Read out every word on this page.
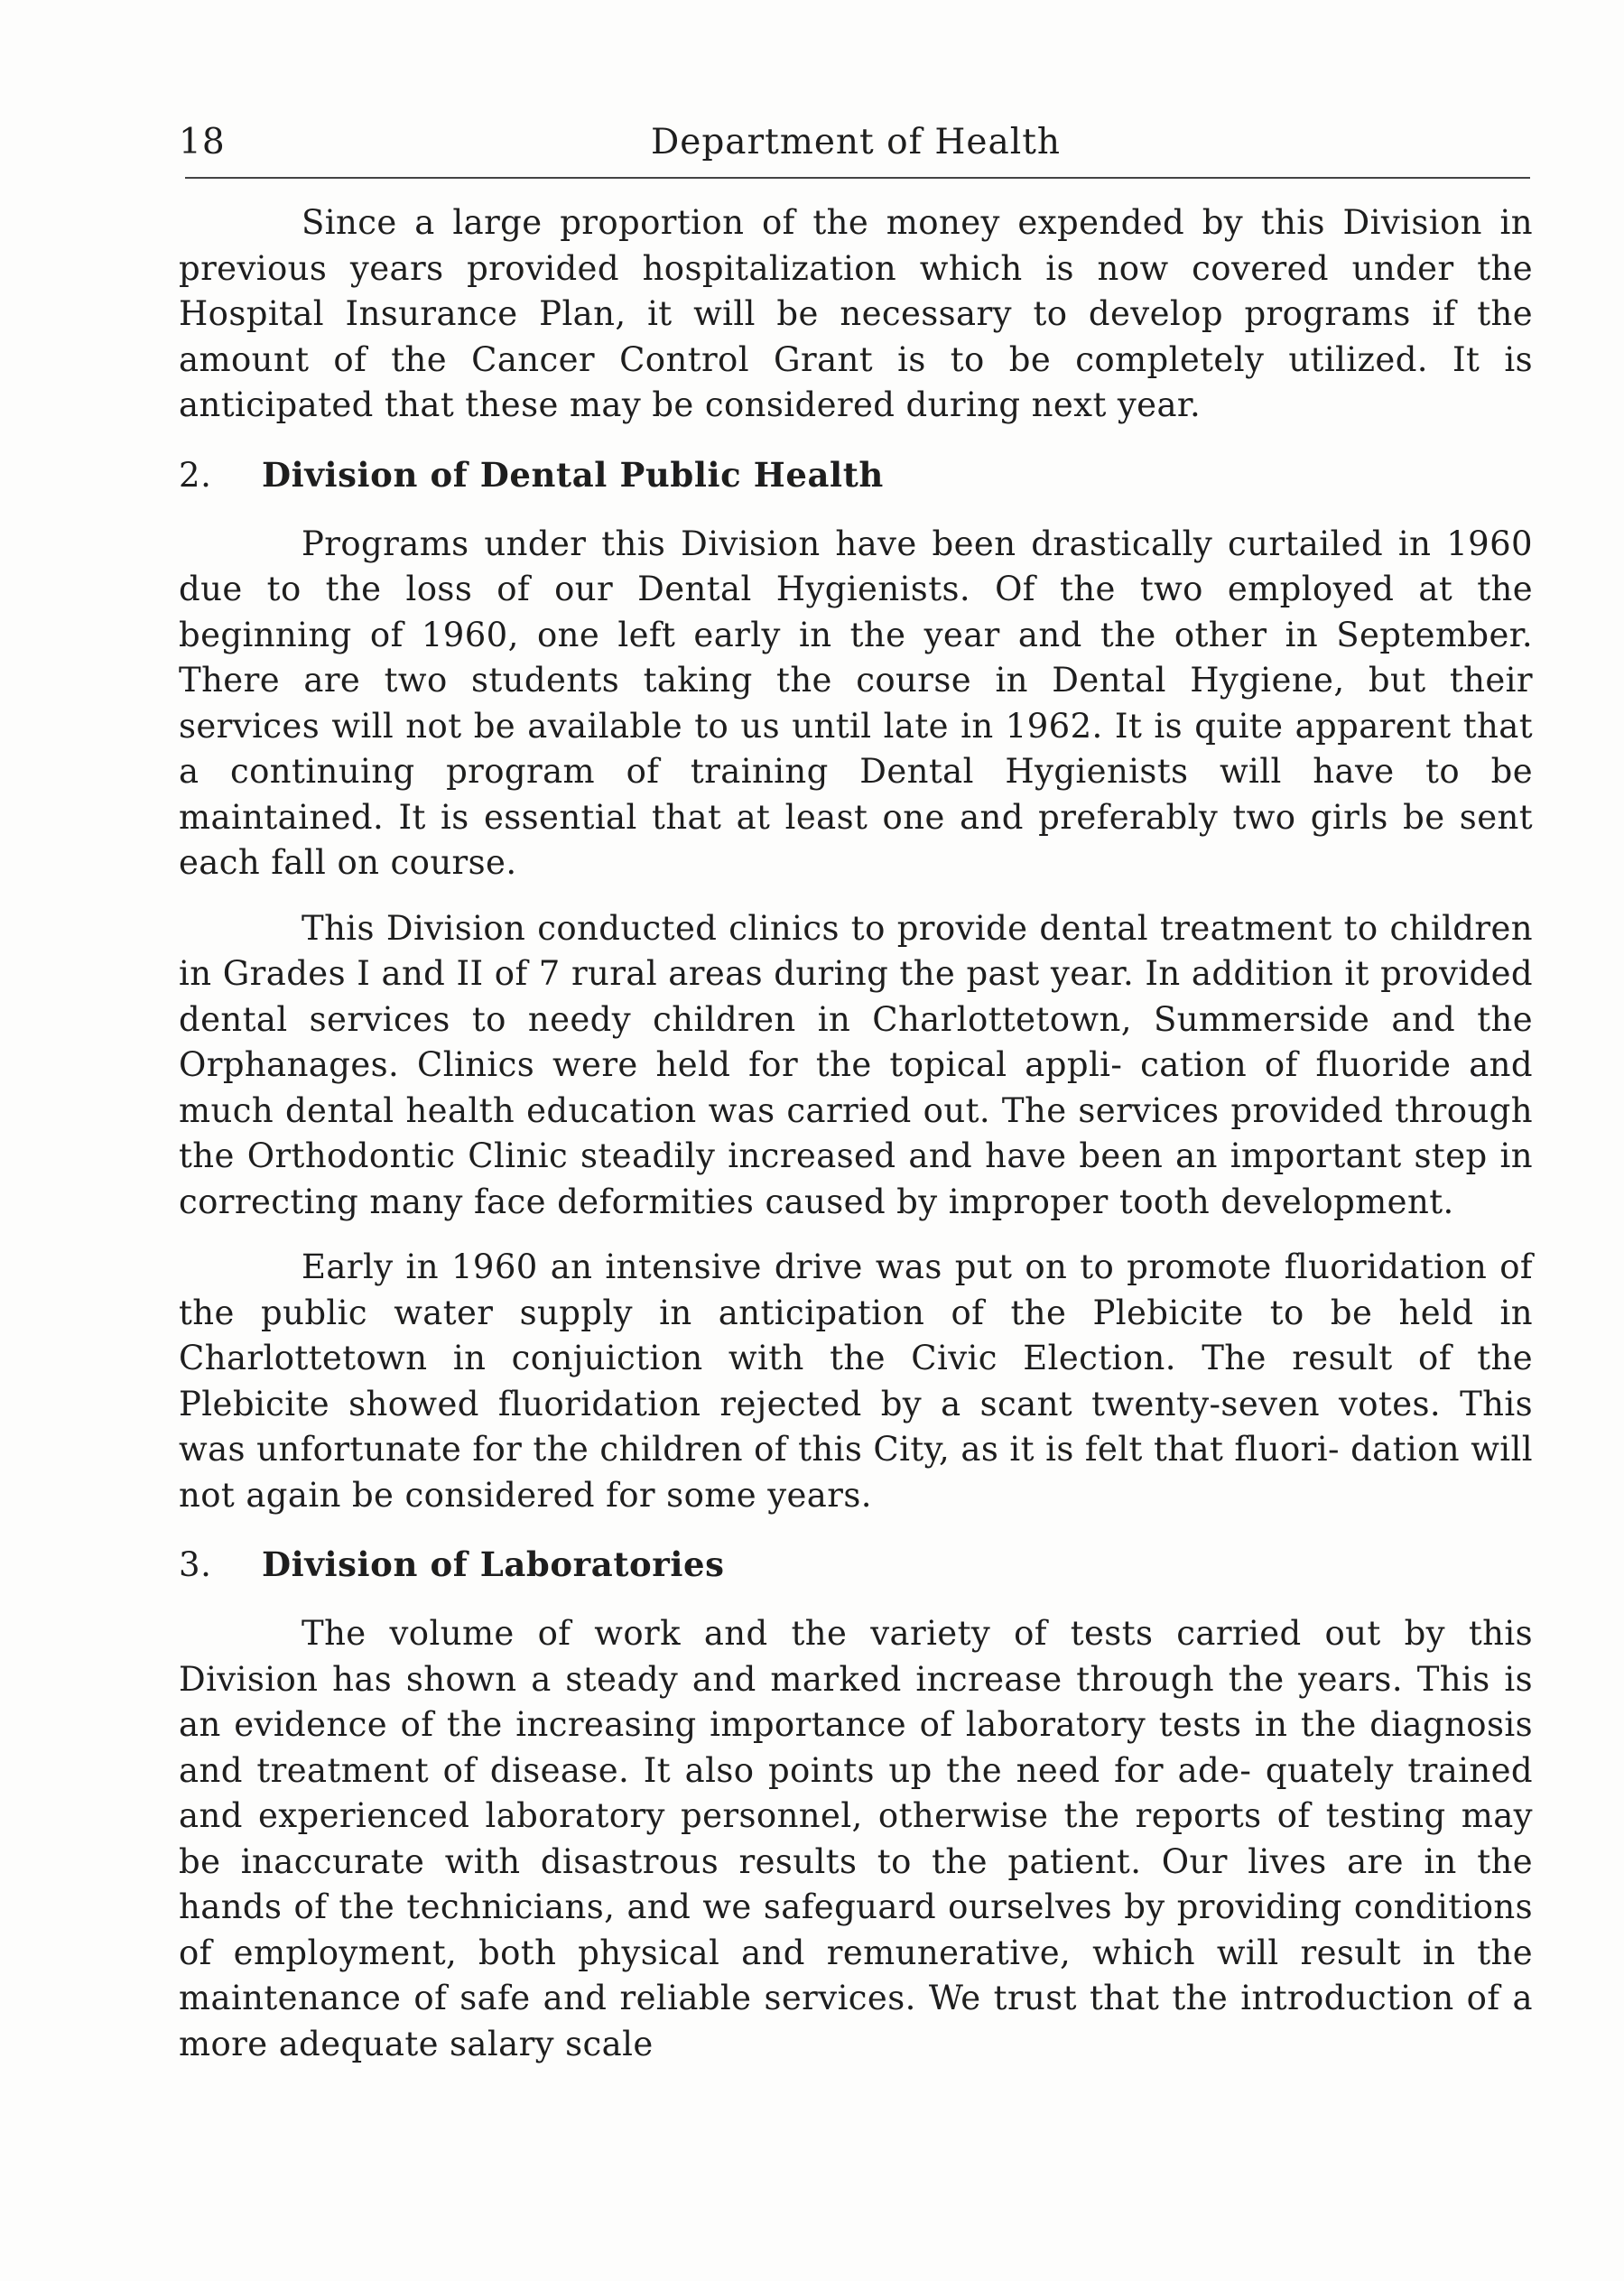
18	Department of Health

Since a large proportion of the money expended by this Division in previous years provided hospitalization which is now covered under the Hospital Insurance Plan, it will be necessary to develop programs if the amount of the Cancer Control Grant is to be completely utilized. It is anticipated that these may be considered during next year.

2. Division of Dental Public Health

Programs under this Division have been drastically curtailed in 1960 due to the loss of our Dental Hygienists. Of the two employed at the beginning of 1960, one left early in the year and the other in September. There are two students taking the course in Dental Hygiene, but their services will not be available to us until late in 1962. It is quite apparent that a continuing program of training Dental Hygienists will have to be maintained. It is essential that at least one and preferably two girls be sent each fall on course.

This Division conducted clinics to provide dental treatment to children in Grades I and II of 7 rural areas during the past year. In addition it provided dental services to needy children in Charlottetown, Summerside and the Orphanages. Clinics were held for the topical appli- cation of fluoride and much dental health education was carried out. The services provided through the Orthodontic Clinic steadily increased and have been an important step in correcting many face deformities caused by improper tooth development.

Early in 1960 an intensive drive was put on to promote fluoridation of the public water supply in anticipation of the Plebicite to be held in Charlottetown in conjuiction with the Civic Election. The result of the Plebicite showed fluoridation rejected by a scant twenty-seven votes. This was unfortunate for the children of this City, as it is felt that fluori- dation will not again be considered for some years.

3. Division of Laboratories

The volume of work and the variety of tests carried out by this Division has shown a steady and marked increase through the years. This is an evidence of the increasing importance of laboratory tests in the diagnosis and treatment of disease. It also points up the need for ade- quately trained and experienced laboratory personnel, otherwise the reports of testing may be inaccurate with disastrous results to the patient. Our lives are in the hands of the technicians, and we safeguard ourselves by providing conditions of employment, both physical and remunerative, which will result in the maintenance of safe and reliable services. We trust that the introduction of a more adequate salary scale
